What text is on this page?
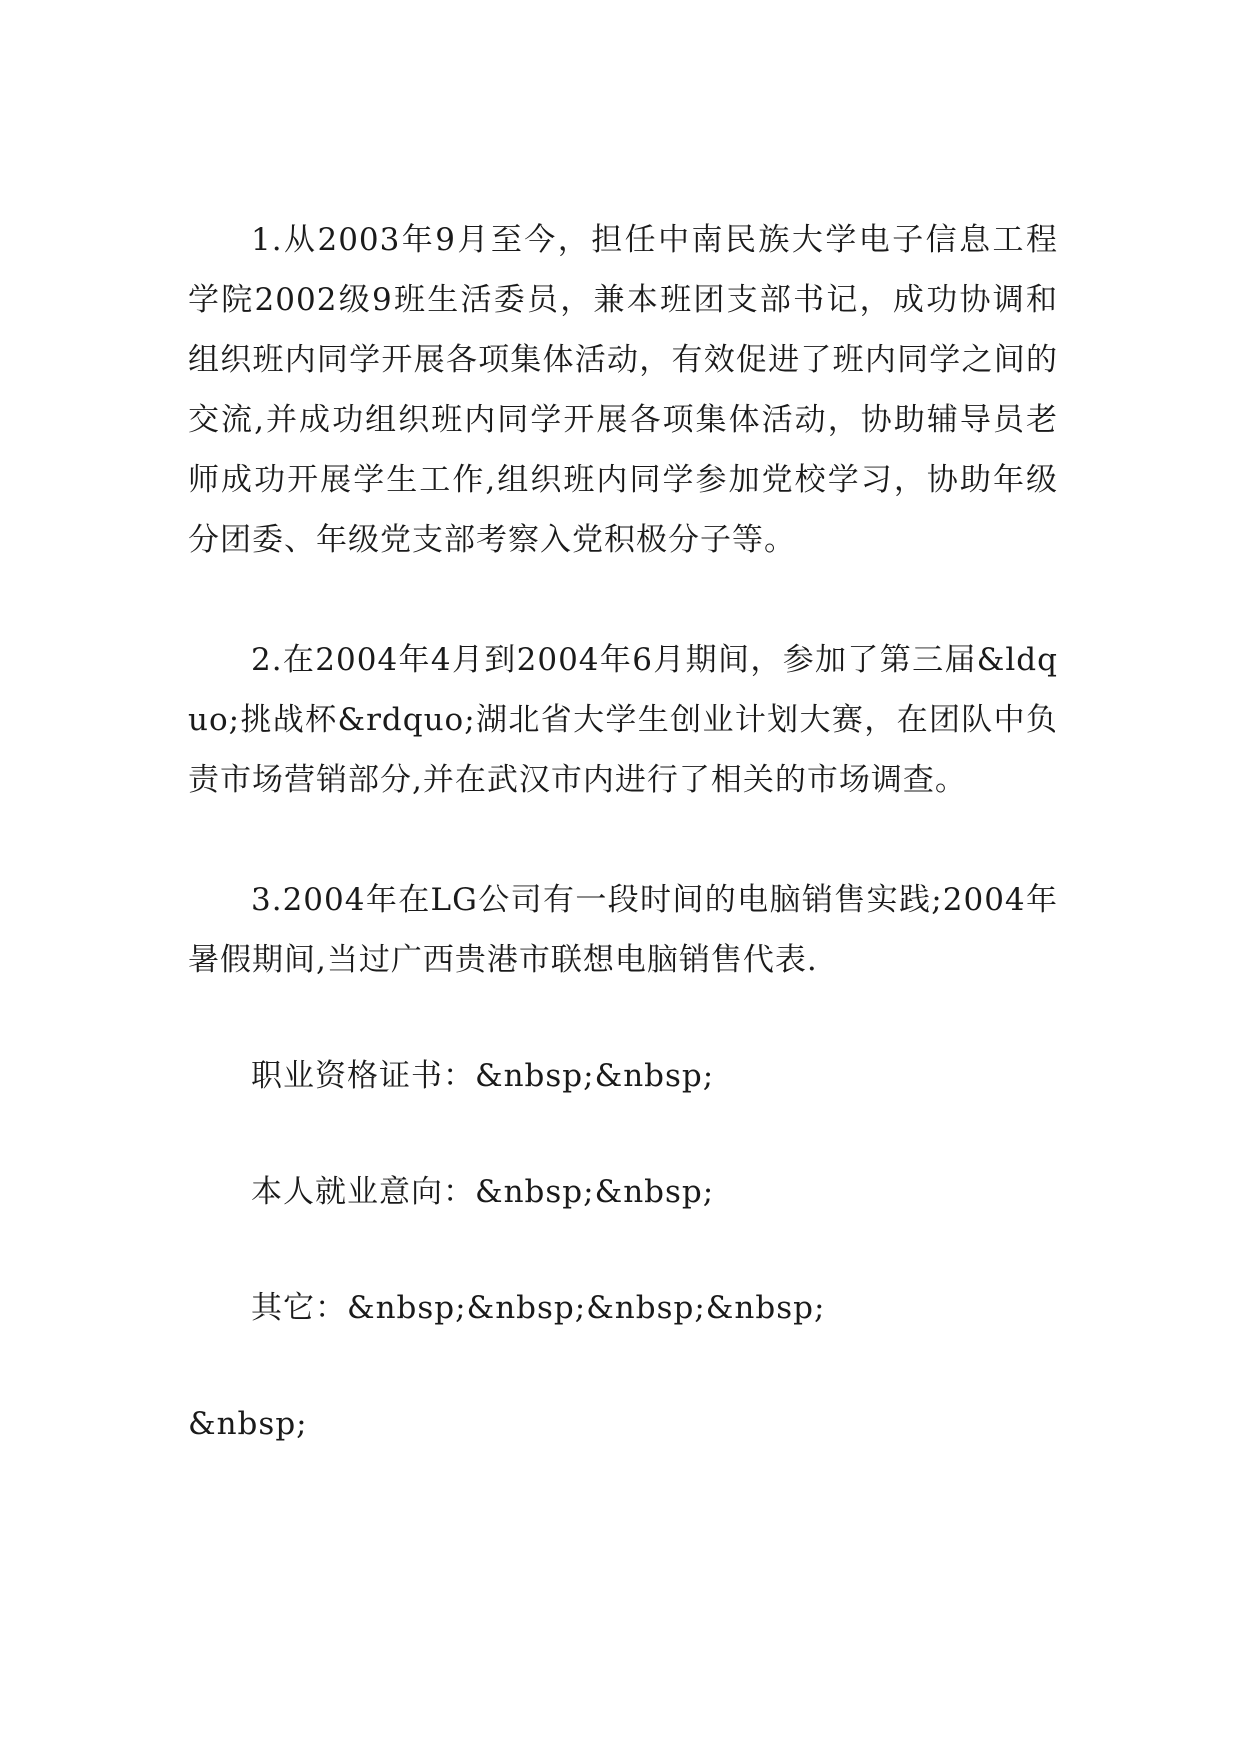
1.从2003年9月至今，担任中南民族大学电子信息工程学院2002级9班生活委员，兼本班团支部书记，成功协调和组织班内同学开展各项集体活动，有效促进了班内同学之间的交流,并成功组织班内同学开展各项集体活动，协助辅导员老师成功开展学生工作,组织班内同学参加党校学习，协助年级分团委、年级党支部考察入党积极分子等。

2.在2004年4月到2004年6月期间，参加了第三届&ldquo;挑战杯&rdquo;湖北省大学生创业计划大赛，在团队中负责市场营销部分,并在武汉市内进行了相关的市场调查。

3.2004年在LG公司有一段时间的电脑销售实践;2004年暑假期间,当过广西贵港市联想电脑销售代表.

职业资格证书：&nbsp;&nbsp;

本人就业意向：&nbsp;&nbsp;

其它：&nbsp;&nbsp;&nbsp;&nbsp;

&nbsp;
